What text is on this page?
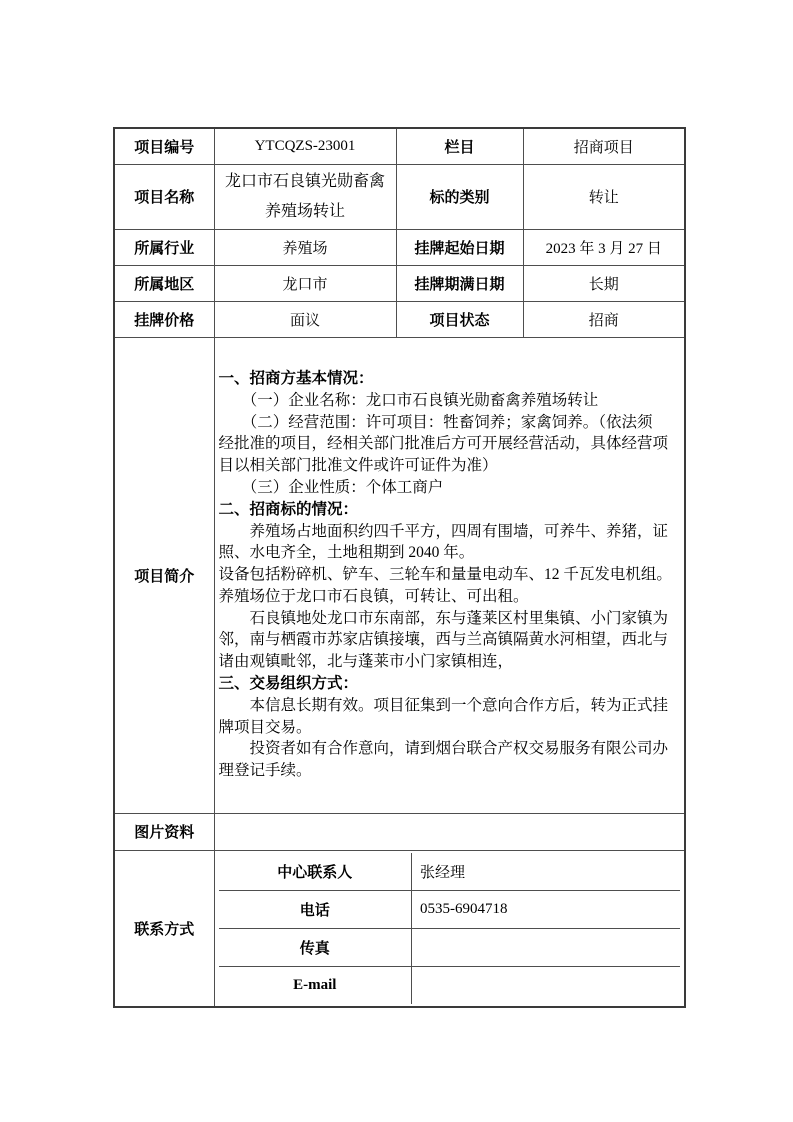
项目编号	YTCQZS-23001	栏目	招商项目
项目名称	龙口市石良镇光勋畜禽养殖场转让	标的类别	转让
所属行业	养殖场	挂牌起始日期	2023 年 3 月 27 日
所属地区	龙口市	挂牌期满日期	长期
挂牌价格	面议	项目状态	招商
项目简介	
一、招商方基本情况：
　　（一）企业名称：龙口市石良镇光勋畜禽养殖场转让
　　（二）经营范围：许可项目：牲畜饲养；家禽饲养。（依法须
经批准的项目，经相关部门批准后方可开展经营活动，具体经营项
目以相关部门批准文件或许可证件为准）
　　（三）企业性质：个体工商户
二、招商标的情况：
　　养殖场占地面积约四千平方，四周有围墙，可养牛、养猪，证
照、水电齐全，土地租期到 2040 年。
设备包括粉碎机、铲车、三轮车和量量电动车、12 千瓦发电机组。
养殖场位于龙口市石良镇，可转让、可出租。
　　石良镇地处龙口市东南部，东与蓬莱区村里集镇、小门家镇为
邻，南与栖霞市苏家店镇接壤，西与兰高镇隔黄水河相望，西北与
诸由观镇毗邻，北与蓬莱市小门家镇相连，
三、交易组织方式：
　　本信息长期有效。项目征集到一个意向合作方后，转为正式挂
牌项目交易。
　　投资者如有合作意向，请到烟台联合产权交易服务有限公司办
理登记手续。

图片资料	
联系方式	
中心联系人	张经理
电话	0535-6904718
传真	
E-mail	
